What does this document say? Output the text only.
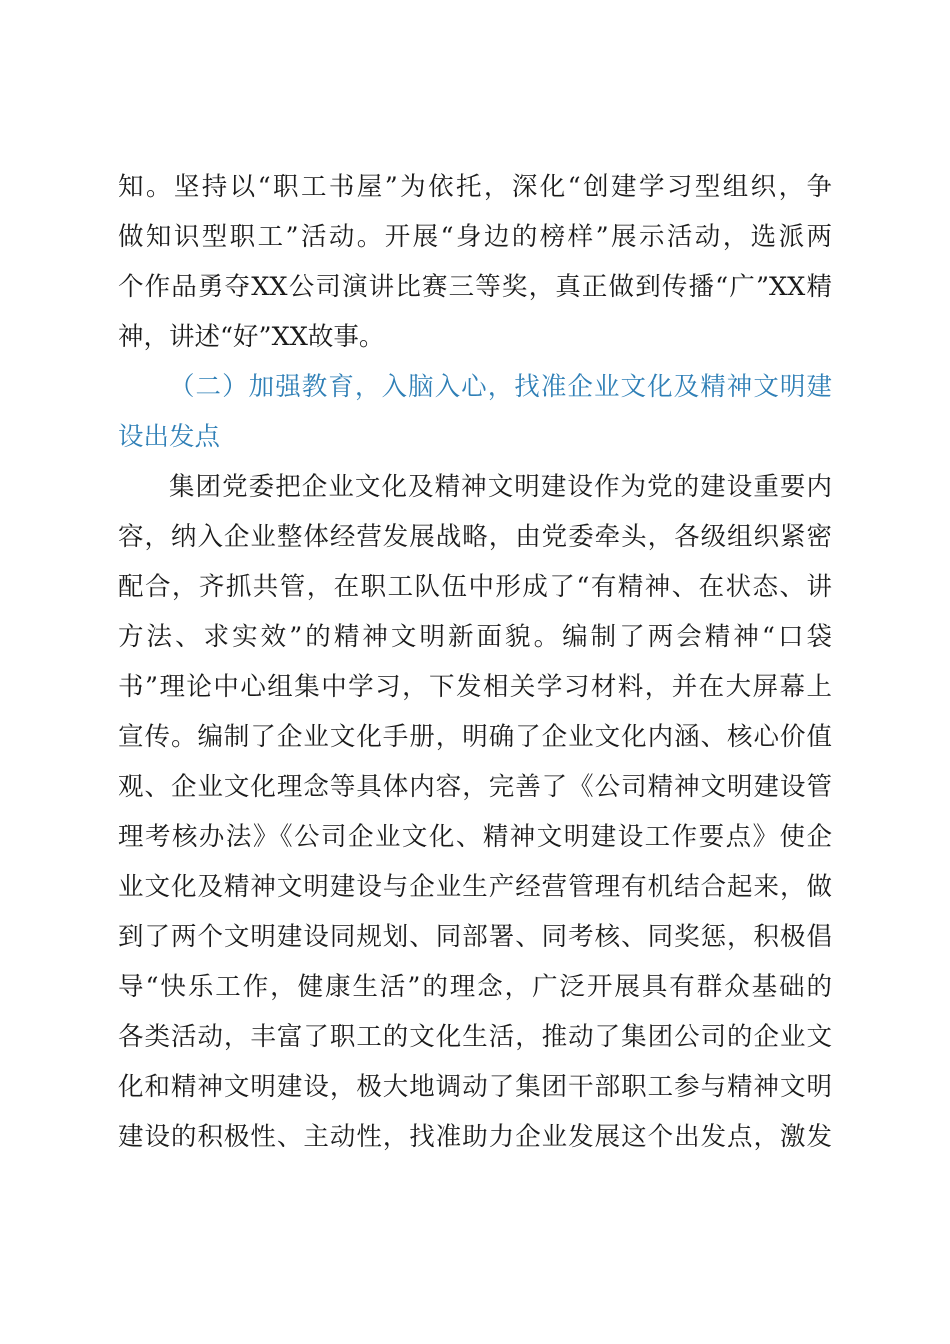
知。坚持以“职工书屋”为依托，深化“创建学习型组织，争
做知识型职工”活动。开展“身边的榜样”展示活动，选派两
个作品勇夺XX公司演讲比赛三等奖，真正做到传播“广”XX精
神，讲述“好”XX故事。
（二）加强教育，入脑入心，找准企业文化及精神文明建
设出发点
集团党委把企业文化及精神文明建设作为党的建设重要内
容，纳入企业整体经营发展战略，由党委牵头，各级组织紧密
配合，齐抓共管，在职工队伍中形成了“有精神、在状态、讲
方法、求实效”的精神文明新面貌。编制了两会精神“口袋
书”理论中心组集中学习，下发相关学习材料，并在大屏幕上
宣传。编制了企业文化手册，明确了企业文化内涵、核心价值
观、企业文化理念等具体内容，完善了《公司精神文明建设管
理考核办法》《公司企业文化、精神文明建设工作要点》使企
业文化及精神文明建设与企业生产经营管理有机结合起来，做
到了两个文明建设同规划、同部署、同考核、同奖惩，积极倡
导“快乐工作，健康生活”的理念，广泛开展具有群众基础的
各类活动，丰富了职工的文化生活，推动了集团公司的企业文
化和精神文明建设，极大地调动了集团干部职工参与精神文明
建设的积极性、主动性，找准助力企业发展这个出发点，激发
